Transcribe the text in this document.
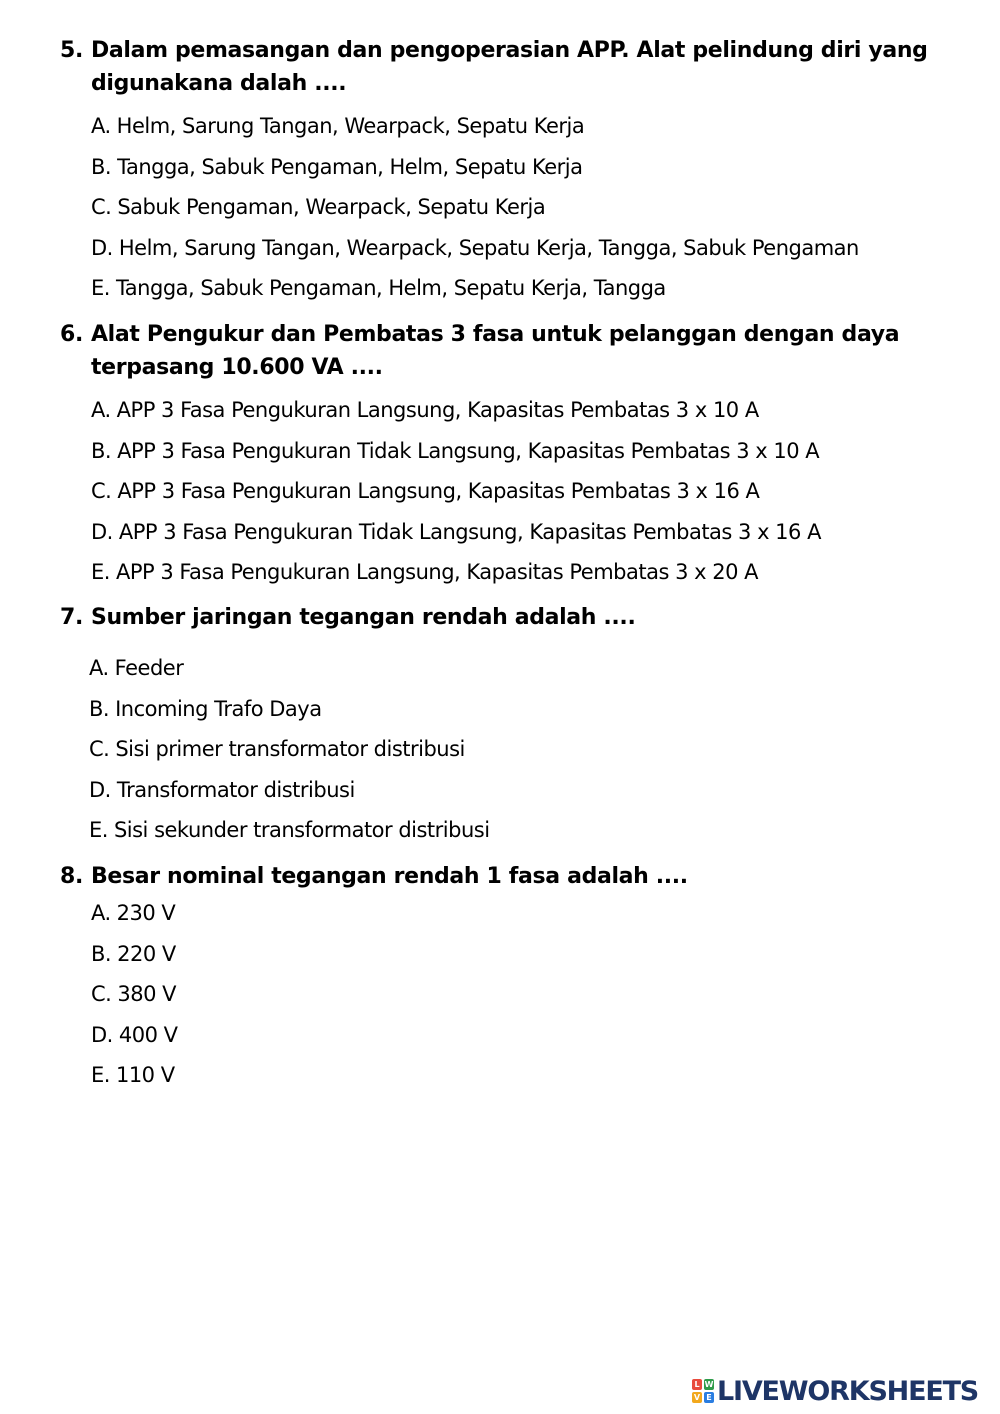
5. Dalam pemasangan dan pengoperasian APP. Alat pelindung diri yang digunakana dalah ....
A. Helm, Sarung Tangan, Wearpack, Sepatu Kerja
B. Tangga, Sabuk Pengaman, Helm, Sepatu Kerja
C. Sabuk Pengaman, Wearpack, Sepatu Kerja
D. Helm, Sarung Tangan, Wearpack, Sepatu Kerja, Tangga, Sabuk Pengaman
E. Tangga, Sabuk Pengaman, Helm, Sepatu Kerja, Tangga
6. Alat Pengukur dan Pembatas 3 fasa untuk pelanggan dengan daya terpasang 10.600 VA ....
A. APP 3 Fasa Pengukuran Langsung, Kapasitas Pembatas 3 x 10 A
B. APP 3 Fasa Pengukuran Tidak Langsung, Kapasitas Pembatas 3 x 10 A
C. APP 3 Fasa Pengukuran Langsung, Kapasitas Pembatas 3 x 16 A
D. APP 3 Fasa Pengukuran Tidak Langsung, Kapasitas Pembatas 3 x 16 A
E. APP 3 Fasa Pengukuran Langsung, Kapasitas Pembatas 3 x 20 A
7. Sumber jaringan tegangan rendah adalah ....
A. Feeder
B. Incoming Trafo Daya
C. Sisi primer transformator distribusi
D. Transformator distribusi
E. Sisi sekunder transformator distribusi
8. Besar nominal tegangan rendah 1 fasa adalah ....
A. 230 V
B. 220 V
C. 380 V
D. 400 V
E. 110 V
L W
V E LIVEWORKSHEETS
